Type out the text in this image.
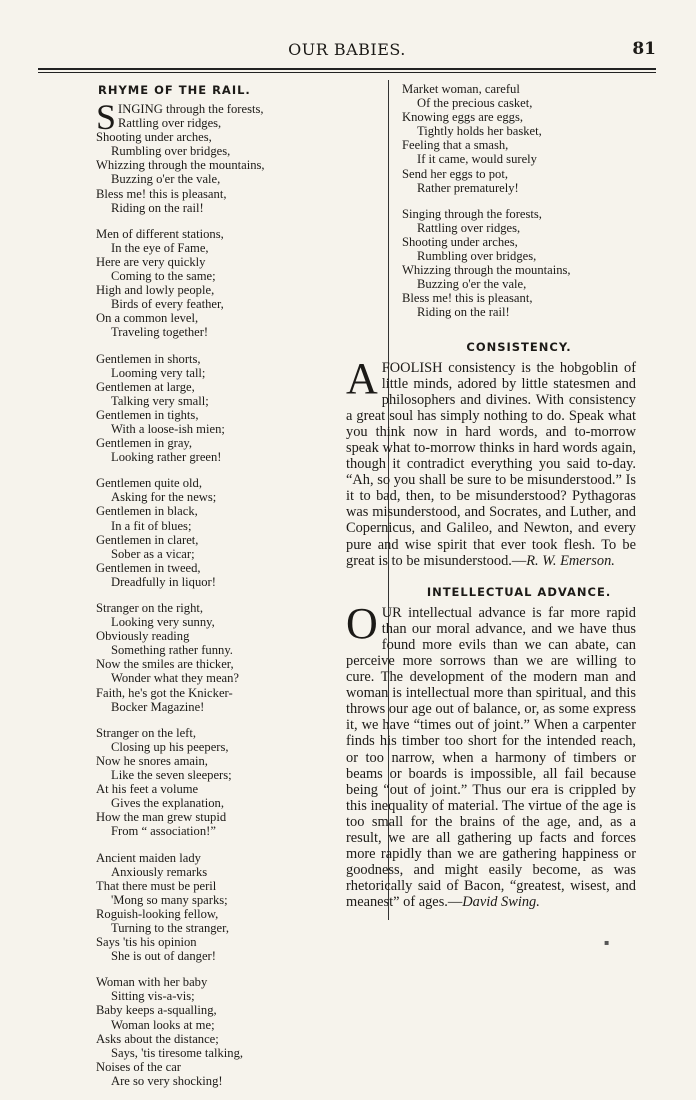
OUR BABIES.	81
RHYME OF THE RAIL.
SINGING through the forests,
Rattling over ridges,
Shooting under arches,
Rumbling over bridges,
Whizzing through the mountains,
Buzzing o'er the vale,
Bless me! this is pleasant,
Riding on the rail!
Men of different stations,
In the eye of Fame,
Here are very quickly
Coming to the same;
High and lowly people,
Birds of every feather,
On a common level,
Traveling together!
Gentlemen in shorts,
Looming very tall;
Gentlemen at large,
Talking very small;
Gentlemen in tights,
With a loose-ish mien;
Gentlemen in gray,
Looking rather green!
Gentlemen quite old,
Asking for the news;
Gentlemen in black,
In a fit of blues;
Gentlemen in claret,
Sober as a vicar;
Gentlemen in tweed,
Dreadfully in liquor!
Stranger on the right,
Looking very sunny,
Obviously reading
Something rather funny.
Now the smiles are thicker,
Wonder what they mean?
Faith, he's got the Knicker-
Bocker Magazine!
Stranger on the left,
Closing up his peepers,
Now he snores amain,
Like the seven sleepers;
At his feet a volume
Gives the explanation,
How the man grew stupid
From “ association!”
Ancient maiden lady
Anxiously remarks
That there must be peril
'Mong so many sparks;
Roguish-looking fellow,
Turning to the stranger,
Says 'tis his opinion
She is out of danger!
Woman with her baby
Sitting vis-a-vis;
Baby keeps a-squalling,
Woman looks at me;
Asks about the distance;
Says, 'tis tiresome talking,
Noises of the car
Are so very shocking!
Market woman, careful
Of the precious casket,
Knowing eggs are eggs,
Tightly holds her basket,
Feeling that a smash,
If it came, would surely
Send her eggs to pot,
Rather prematurely!
Singing through the forests,
Rattling over ridges,
Shooting under arches,
Rumbling over bridges,
Whizzing through the mountains,
Buzzing o'er the vale,
Bless me! this is pleasant,
Riding on the rail!
CONSISTENCY.
A FOOLISH consistency is the hobgoblin of little minds, adored by little statesmen and philosophers and divines. With consistency a great soul has simply nothing to do. Speak what you think now in hard words, and to-morrow speak what to-morrow thinks in hard words again, though it contradict everything you said to-day. “Ah, so you shall be sure to be misunderstood.” Is it to bad, then, to be misunderstood? Pythagoras was misunderstood, and Socrates, and Luther, and Copernicus, and Galileo, and Newton, and every pure and wise spirit that ever took flesh. To be great is to be misunderstood.—R. W. Emerson.
INTELLECTUAL ADVANCE.
OUR intellectual advance is far more rapid than our moral advance, and we have thus found more evils than we can abate, can perceive more sorrows than we are willing to cure. The development of the modern man and woman is intellectual more than spiritual, and this throws our age out of balance, or, as some express it, we have “times out of joint.” When a carpenter finds his timber too short for the intended reach, or too narrow, when a harmony of timbers or beams or boards is impossible, all fail because being “out of joint.” Thus our era is crippled by this inequality of material. The virtue of the age is too small for the brains of the age, and, as a result, we are all gathering up facts and forces more rapidly than we are gathering happiness or goodness, and might easily become, as was rhetorically said of Bacon, “greatest, wisest, and meanest” of ages.—David Swing.
▪
